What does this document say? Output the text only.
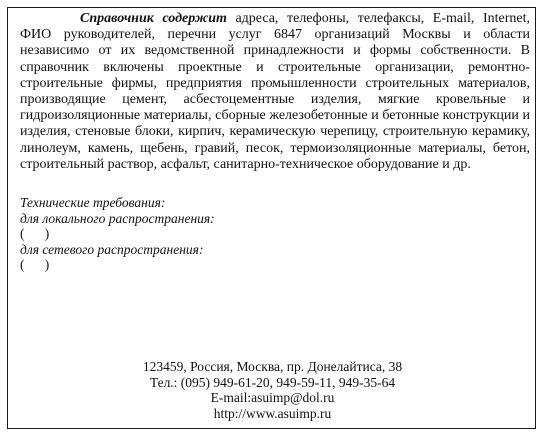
Справочник содержит адреса, телефоны, телефаксы, E-mail, Internet, ФИО руководителей, перечни услуг 6847 организаций Москвы и области независимо от их ведомственной принадлежности и формы собственности. В справочник включены проектные и строительные организации, ремонтно-строительные фирмы, предприятия промышленности строительных материалов, производящие цемент, асбестоцементные изделия, мягкие кровельные и гидроизоляционные материалы, сборные железобетонные и бетонные конструкции и изделия, стеновые блоки, кирпич, керамическую черепицу, строительную керамику, линолеум, камень, щебень, гравий, песок, термоизоляционные материалы, бетон, строительный раствор, асфальт, санитарно-техническое оборудование и др.

Технические требования:
для локального распространения:
(      )
для сетевого распространения:
(      )
123459, Россия, Москва, пр. Донелайтиса, 38
Тел.: (095) 949-61-20, 949-59-11, 949-35-64
E-mail:asuimp@dol.ru
http://www.asuimp.ru
